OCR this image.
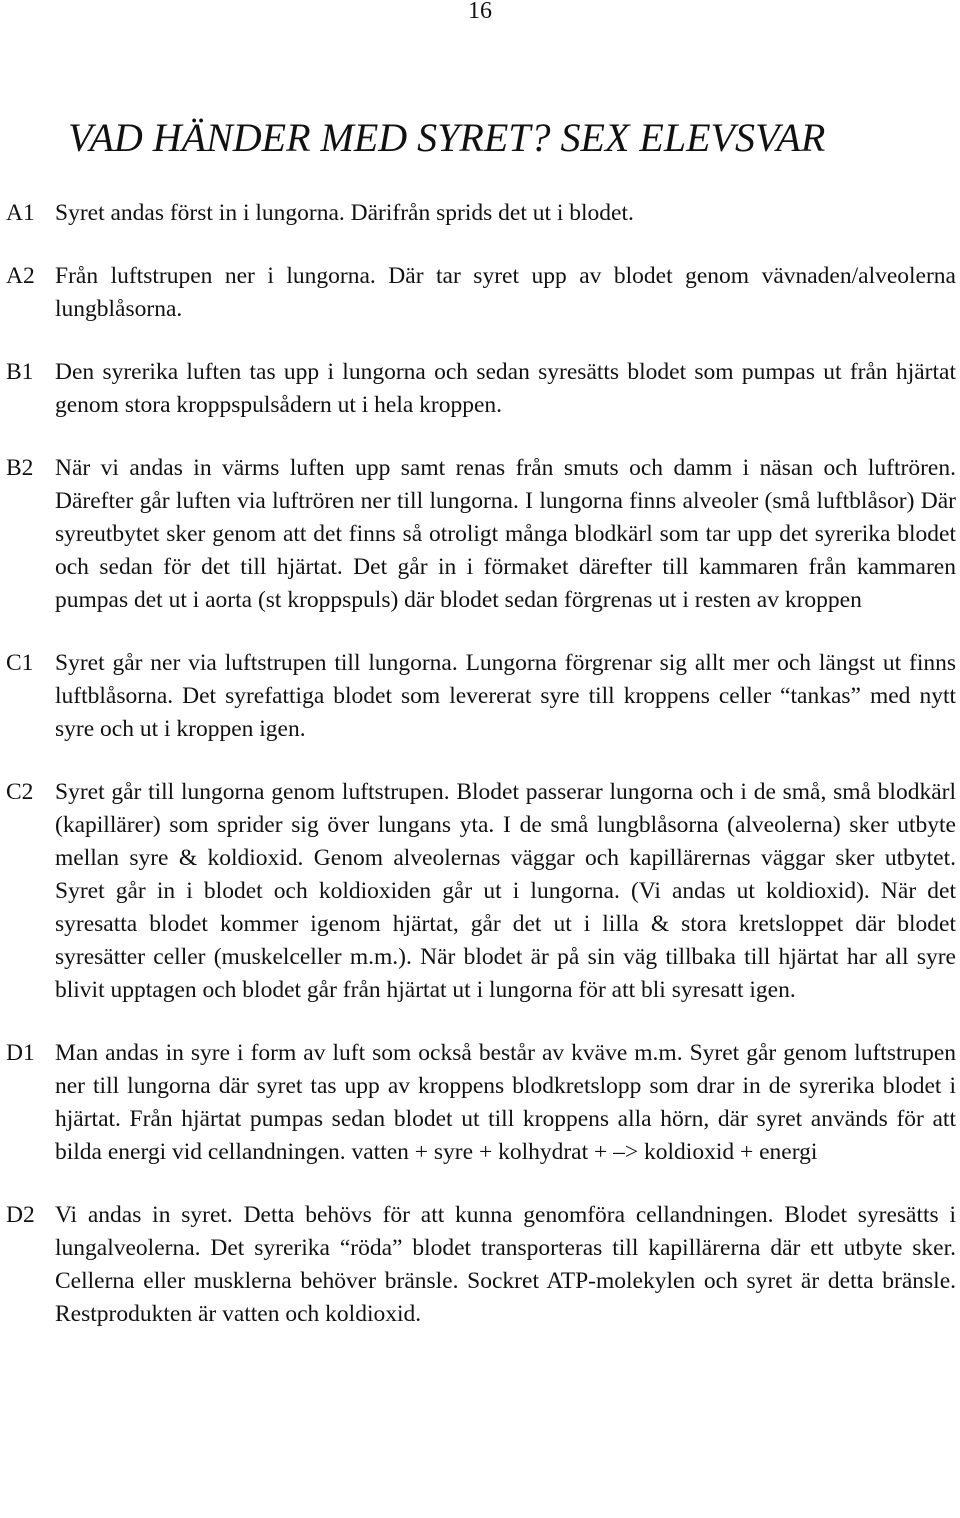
16
VAD HÄNDER MED SYRET? SEX ELEVSVAR
A1 Syret andas först in i lungorna. Därifrån sprids det ut i blodet.
A2 Från luftstrupen ner i lungorna. Där tar syret upp av blodet genom vävnaden/alveolerna lungblåsorna.
B1 Den syrerika luften tas upp i lungorna och sedan syresätts blodet som pumpas ut från hjärtat genom stora kroppspulsådern ut i hela kroppen.
B2 När vi andas in värms luften upp samt renas från smuts och damm i näsan och luftrören. Därefter går luften via luftrören ner till lungorna. I lungorna finns alveoler (små luftblåsor) Där syreutbytet sker genom att det finns så otroligt många blodkärl som tar upp det syrerika blodet och sedan för det till hjärtat. Det går in i förmaket därefter till kammaren från kammaren pumpas det ut i aorta (st kroppspuls) där blodet sedan förgrenas ut i resten av kroppen
C1 Syret går ner via luftstrupen till lungorna. Lungorna förgrenar sig allt mer och längst ut finns luftblåsorna. Det syrefattiga blodet som levererat syre till kroppens celler “tankas” med nytt syre och ut i kroppen igen.
C2 Syret går till lungorna genom luftstrupen. Blodet passerar lungorna och i de små, små blodkärl (kapillärer) som sprider sig över lungans yta. I de små lungblåsorna (alveolerna) sker utbyte mellan syre & koldioxid. Genom alveolernas väggar och kapillärernas väggar sker utbytet. Syret går in i blodet och koldioxiden går ut i lungorna. (Vi andas ut koldioxid). När det syresatta blodet kommer igenom hjärtat, går det ut i lilla & stora kretsloppet där blodet syresätter celler (muskelceller m.m.). När blodet är på sin väg tillbaka till hjärtat har all syre blivit upptagen och blodet går från hjärtat ut i lungorna för att bli syresatt igen.
D1 Man andas in syre i form av luft som också består av kväve m.m. Syret går genom luftstrupen ner till lungorna där syret tas upp av kroppens blodkretslopp som drar in de syrerika blodet i hjärtat. Från hjärtat pumpas sedan blodet ut till kroppens alla hörn, där syret används för att bilda energi vid cellandningen. vatten + syre + kolhydrat + –> koldioxid + energi
D2 Vi andas in syret. Detta behövs för att kunna genomföra cellandningen. Blodet syresätts i lungalveolerna. Det syrerika “röda” blodet transporteras till kapillärerna där ett utbyte sker. Cellerna eller musklerna behöver bränsle. Sockret ATP-molekylen och syret är detta bränsle. Restprodukten är vatten och koldioxid.
